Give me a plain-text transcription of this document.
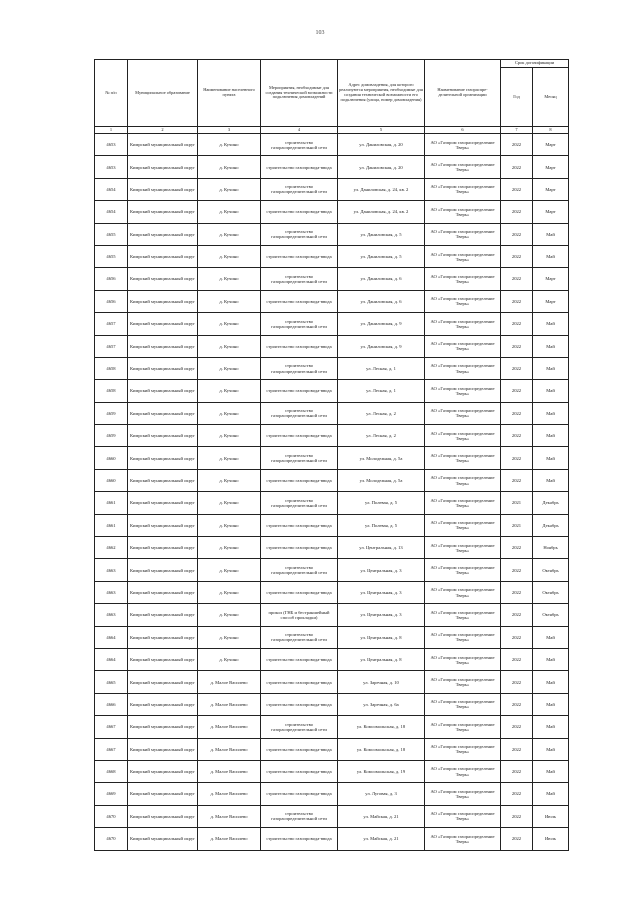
103
№ п/п	Муниципальное образование	Наименование населенного пункта	Мероприятия, необходимые для создания технической возможности подключения домовладений	Адрес домовладения, для которого реализуются мероприятия, необходимые для создания технической возможности его подключения (улица, номер домовладения)	Наименование газораспре-делительной организации	Срок догазификации	
						Год	Месяц
1	2	3	4	5	6	7	8
4653	Кимрский муниципальный округ	д. Кучино	строительство газораспределительной сети	ул. Даниловская, д. 20	АО «Газпром газораспределение Тверь»	2022	Март
4653	Кимрский муниципальный округ	д. Кучино	строительство газопровода-ввода	ул. Даниловская, д. 20	АО «Газпром газораспределение Тверь»	2022	Март
4654	Кимрский муниципальный округ	д. Кучино	строительство газораспределительной сети	ул. Даниловская, д. 24, кв. 2	АО «Газпром газораспределение Тверь»	2022	Март
4654	Кимрский муниципальный округ	д. Кучино	строительство газопровода-ввода	ул. Даниловская, д. 24, кв. 2	АО «Газпром газораспределение Тверь»	2022	Март
4655	Кимрский муниципальный округ	д. Кучино	строительство газораспределительной сети	ул. Даниловская, д. 5	АО «Газпром газораспределение Тверь»	2022	Май
4655	Кимрский муниципальный округ	д. Кучино	строительство газопровода-ввода	ул. Даниловская, д. 5	АО «Газпром газораспределение Тверь»	2022	Май
4656	Кимрский муниципальный округ	д. Кучино	строительство газораспределительной сети	ул. Даниловская, д. 6	АО «Газпром газораспределение Тверь»	2022	Март
4656	Кимрский муниципальный округ	д. Кучино	строительство газопровода-ввода	ул. Даниловская, д. 6	АО «Газпром газораспределение Тверь»	2022	Март
4657	Кимрский муниципальный округ	д. Кучино	строительство газораспределительной сети	ул. Даниловская, д. 9	АО «Газпром газораспределение Тверь»	2022	Май
4657	Кимрский муниципальный округ	д. Кучино	строительство газопровода-ввода	ул. Даниловская, д. 9	АО «Газпром газораспределение Тверь»	2022	Май
4658	Кимрский муниципальный округ	д. Кучино	строительство газораспределительной сети	ул. Лесная, д. 1	АО «Газпром газораспределение Тверь»	2022	Май
4658	Кимрский муниципальный округ	д. Кучино	строительство газопровода-ввода	ул. Лесная, д. 1	АО «Газпром газораспределение Тверь»	2022	Май
4659	Кимрский муниципальный округ	д. Кучино	строительство газораспределительной сети	ул. Лесная, д. 2	АО «Газпром газораспределение Тверь»	2022	Май
4659	Кимрский муниципальный округ	д. Кучино	строительство газопровода-ввода	ул. Лесная, д. 2	АО «Газпром газораспределение Тверь»	2022	Май
4660	Кимрский муниципальный округ	д. Кучино	строительство газораспределительной сети	ул. Молодежная, д. 5а	АО «Газпром газораспределение Тверь»	2022	Май
4660	Кимрский муниципальный округ	д. Кучино	строительство газопровода-ввода	ул. Молодежная, д. 5а	АО «Газпром газораспределение Тверь»	2022	Май
4661	Кимрский муниципальный округ	д. Кучино	строительство газораспределительной сети	ул. Полевая, д. 5	АО «Газпром газораспределение Тверь»	2021	Декабрь
4661	Кимрский муниципальный округ	д. Кучино	строительство газопровода-ввода	ул. Полевая, д. 5	АО «Газпром газораспределение Тверь»	2021	Декабрь
4662	Кимрский муниципальный округ	д. Кучино	строительство газопровода-ввода	ул. Центральная, д. 13	АО «Газпром газораспределение Тверь»	2022	Ноябрь
4663	Кимрский муниципальный округ	д. Кучино	строительство газораспределительной сети	ул. Центральная, д. 3	АО «Газпром газораспределение Тверь»	2022	Октябрь
4663	Кимрский муниципальный округ	д. Кучино	строительство газопровода-ввода	ул. Центральная, д. 3	АО «Газпром газораспределение Тверь»	2022	Октябрь
4663	Кимрский муниципальный округ	д. Кучино	прокол (ГНБ и бестраншейный способ прокладки)	ул. Центральная, д. 3	АО «Газпром газораспределение Тверь»	2022	Октябрь
4664	Кимрский муниципальный округ	д. Кучино	строительство газораспределительной сети	ул. Центральная, д. 8	АО «Газпром газораспределение Тверь»	2022	Май
4664	Кимрский муниципальный округ	д. Кучино	строительство газопровода-ввода	ул. Центральная, д. 8	АО «Газпром газораспределение Тверь»	2022	Май
4665	Кимрский муниципальный округ	д. Малое Василево	строительство газопровода-ввода	ул. Заречная, д. 10	АО «Газпром газораспределение Тверь»	2022	Май
4666	Кимрский муниципальный округ	д. Малое Василево	строительство газопровода-ввода	ул. Заречная, д. 6а	АО «Газпром газораспределение Тверь»	2022	Май
4667	Кимрский муниципальный округ	д. Малое Василево	строительство газораспределительной сети	ул. Комсомольская, д. 18	АО «Газпром газораспределение Тверь»	2022	Май
4667	Кимрский муниципальный округ	д. Малое Василево	строительство газопровода-ввода	ул. Комсомольская, д. 18	АО «Газпром газораспределение Тверь»	2022	Май
4668	Кимрский муниципальный округ	д. Малое Василево	строительство газопровода-ввода	ул. Комсомольская, д. 19	АО «Газпром газораспределение Тверь»	2022	Май
4669	Кимрский муниципальный округ	д. Малое Василево	строительство газопровода-ввода	ул. Луговая, д. 3	АО «Газпром газораспределение Тверь»	2022	Май
4670	Кимрский муниципальный округ	д. Малое Василево	строительство газораспределительной сети	ул. Майская, д. 21	АО «Газпром газораспределение Тверь»	2022	Июль
4670	Кимрский муниципальный округ	д. Малое Василево	строительство газопровода-ввода	ул. Майская, д. 21	АО «Газпром газораспределение Тверь»	2022	Июль
